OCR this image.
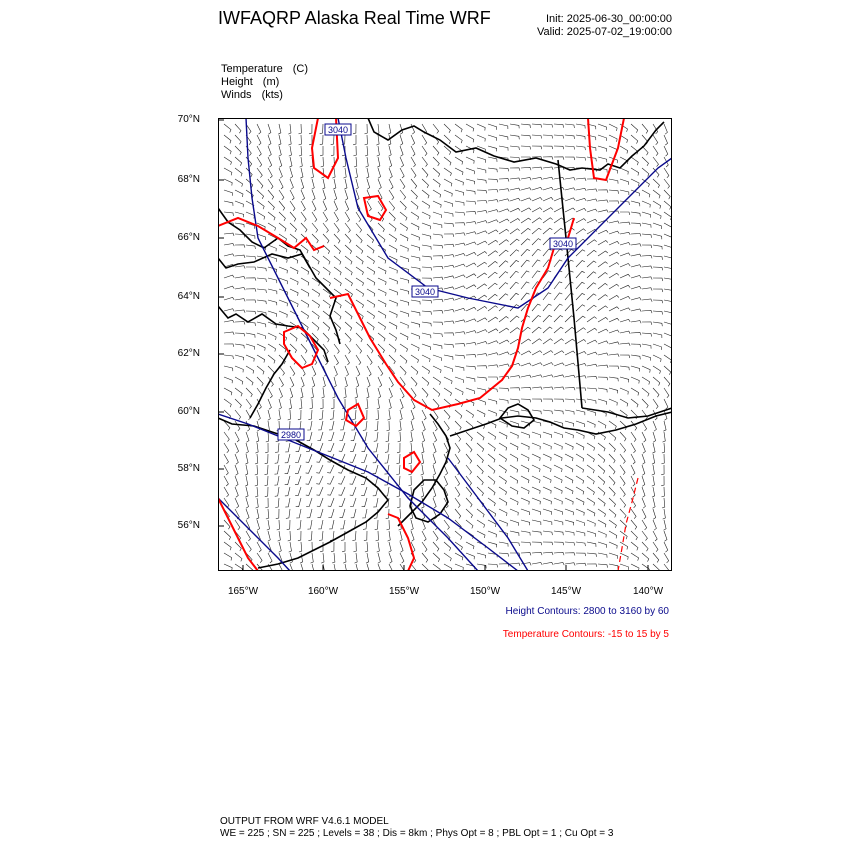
IWFAQRP Alaska Real Time WRF	Init: 2025-06-30_00:00:00
Valid: 2025-07-02_19:00:00
Temperature (C)
Height (m)
Winds (kts)
70°N
68°N
66°N
64°N
62°N
60°N
58°N
56°N
165°W	160°W	155°W	150°W	145°W	140°W
3040
3040
3040
2980
Height Contours: 2800 to 3160 by 60
Temperature Contours: -15 to 15 by 5
OUTPUT FROM WRF V4.6.1 MODEL
WE = 225 ; SN = 225 ; Levels = 38 ; Dis = 8km ; Phys Opt = 8 ; PBL Opt = 1 ; Cu Opt = 3
